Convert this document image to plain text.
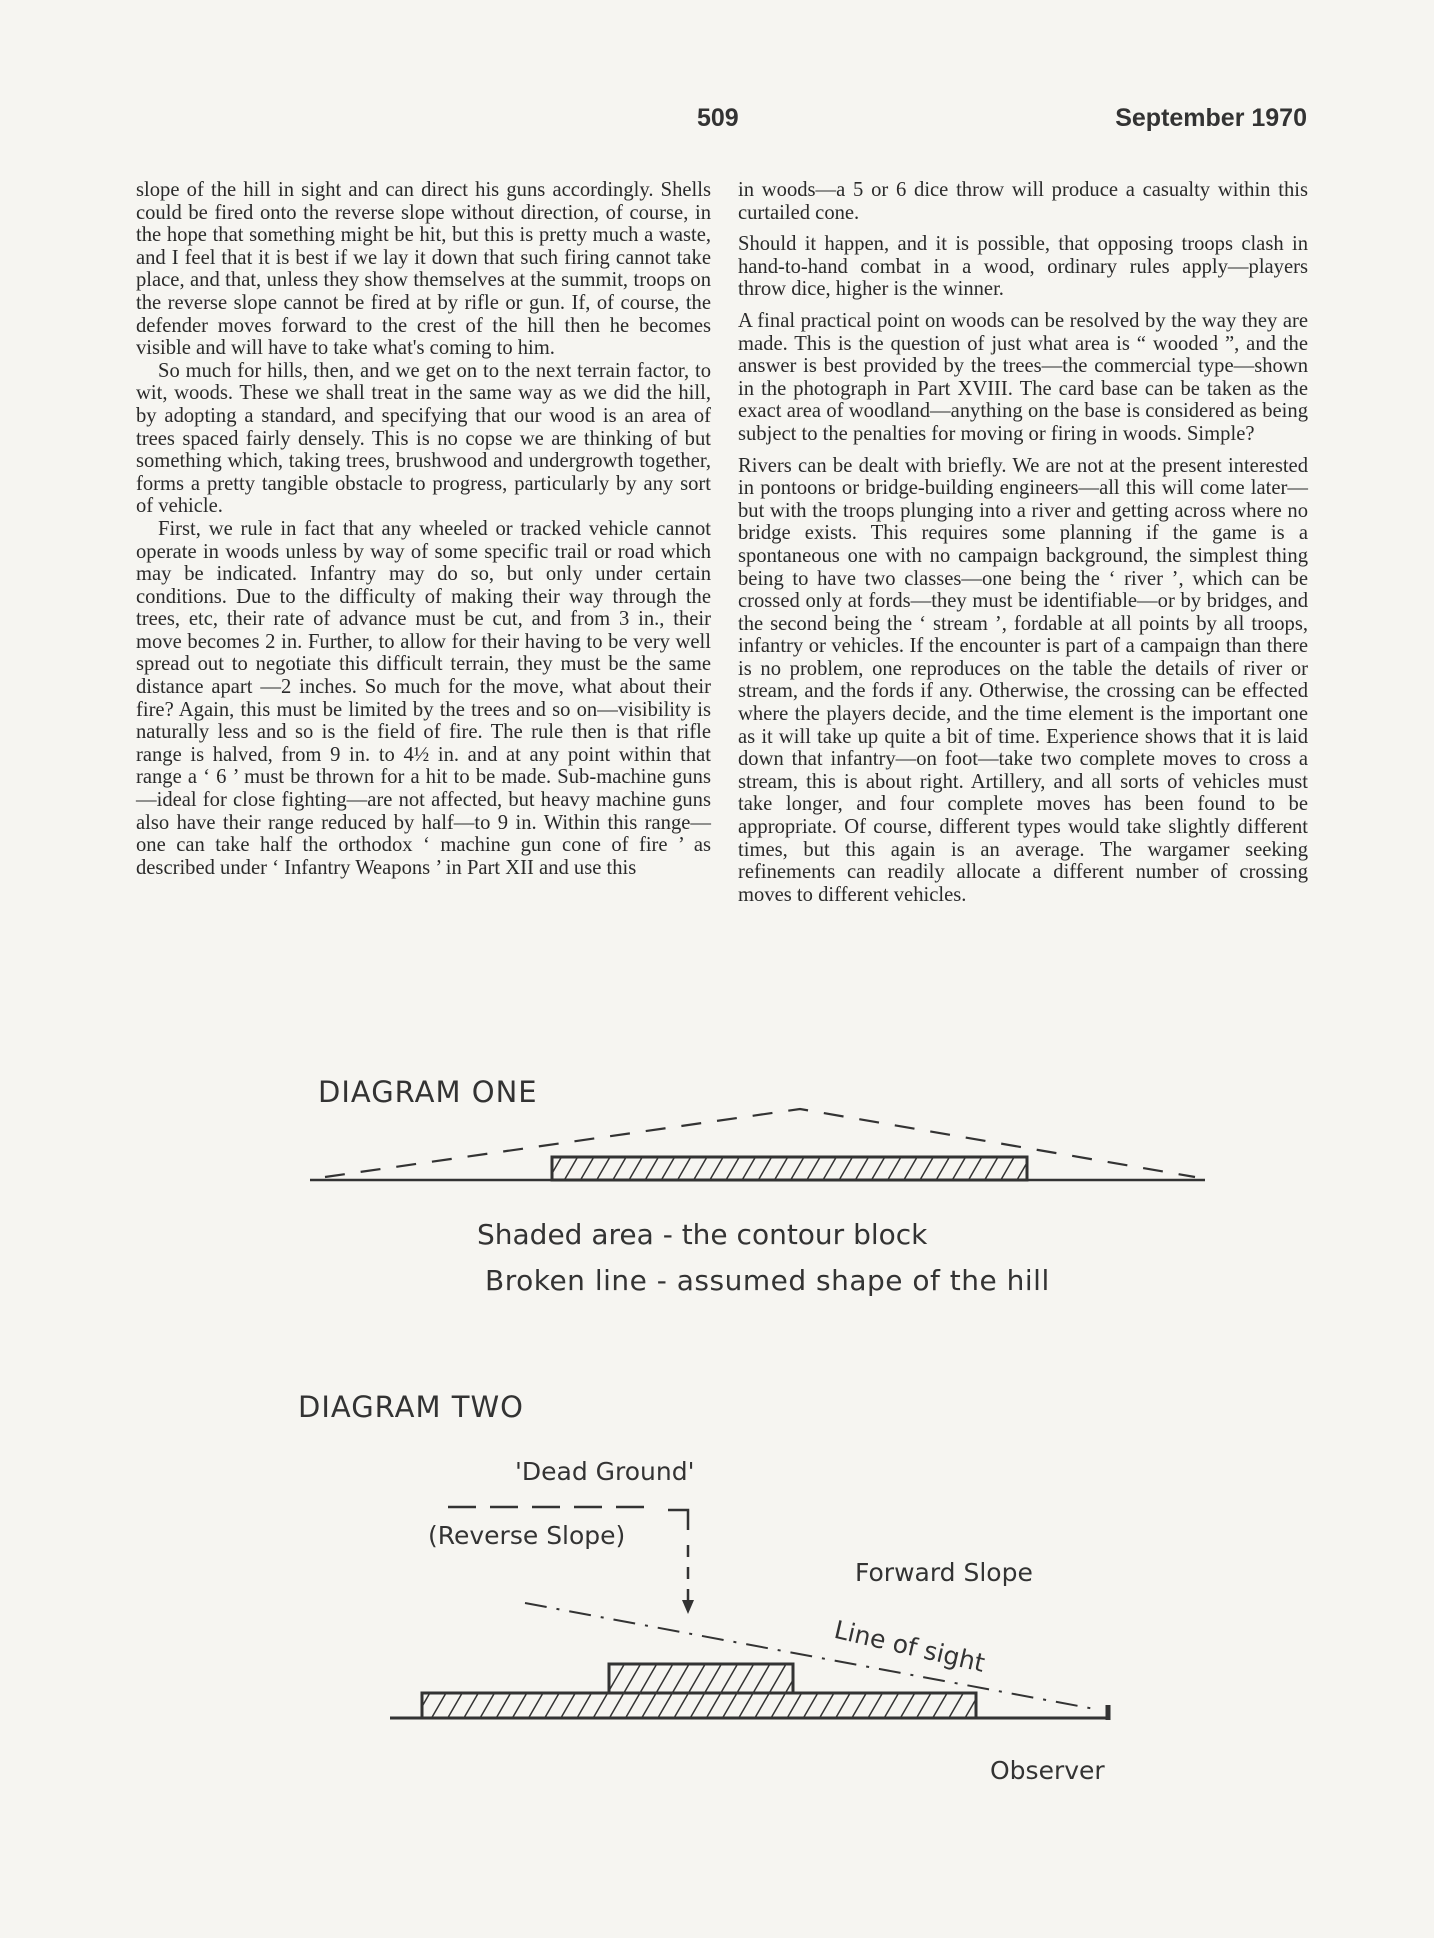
509	September 1970

slope of the hill in sight and can direct his guns accordingly. Shells could be fired onto the reverse slope without direction, of course, in the hope that something might be hit, but this is pretty much a waste, and I feel that it is best if we lay it down that such firing cannot take place, and that, unless they show themselves at the summit, troops on the reverse slope cannot be fired at by rifle or gun. If, of course, the defender moves forward to the crest of the hill then he becomes visible and will have to take what's coming to him.

So much for hills, then, and we get on to the next terrain factor, to wit, woods. These we shall treat in the same way as we did the hill, by adopting a standard, and specifying that our wood is an area of trees spaced fairly densely. This is no copse we are thinking of but something which, taking trees, brushwood and undergrowth together, forms a pretty tangible obstacle to progress, particularly by any sort of vehicle.

First, we rule in fact that any wheeled or tracked vehicle cannot operate in woods unless by way of some specific trail or road which may be indicated. Infantry may do so, but only under certain conditions. Due to the difficulty of making their way through the trees, etc, their rate of advance must be cut, and from 3 in., their move becomes 2 in. Further, to allow for their having to be very well spread out to negotiate this difficult terrain, they must be the same distance apart —2 inches. So much for the move, what about their fire? Again, this must be limited by the trees and so on—visibility is naturally less and so is the field of fire. The rule then is that rifle range is halved, from 9 in. to 4½ in. and at any point within that range a ‘ 6 ’ must be thrown for a hit to be made. Sub-machine guns—ideal for close fighting—are not affected, but heavy machine guns also have their range reduced by half—to 9 in. Within this range—one can take half the orthodox ‘ machine gun cone of fire ’ as described under ‘ Infantry Weapons ’ in Part XII and use this

in woods—a 5 or 6 dice throw will produce a casualty within this curtailed cone.

Should it happen, and it is possible, that opposing troops clash in hand-to-hand combat in a wood, ordinary rules apply—players throw dice, higher is the winner.

A final practical point on woods can be resolved by the way they are made. This is the question of just what area is “ wooded ”, and the answer is best provided by the trees—the commercial type—shown in the photograph in Part XVIII. The card base can be taken as the exact area of woodland—anything on the base is considered as being subject to the penalties for moving or firing in woods. Simple?

Rivers can be dealt with briefly. We are not at the present interested in pontoons or bridge-building engineers—all this will come later—but with the troops plunging into a river and getting across where no bridge exists. This requires some planning if the game is a spontaneous one with no campaign background, the simplest thing being to have two classes—one being the ‘ river ’, which can be crossed only at fords—they must be identifiable—or by bridges, and the second being the ‘ stream ’, fordable at all points by all troops, infantry or vehicles. If the encounter is part of a campaign than there is no problem, one reproduces on the table the details of river or stream, and the fords if any. Otherwise, the crossing can be effected where the players decide, and the time element is the important one as it will take up quite a bit of time. Experience shows that it is laid down that infantry—on foot—take two complete moves to cross a stream, this is about right. Artillery, and all sorts of vehicles must take longer, and four complete moves has been found to be appropriate. Of course, different types would take slightly different times, but this again is an average. The wargamer seeking refinements can readily allocate a different number of crossing moves to different vehicles.

DIAGRAM ONE
Shaded area - the contour block
Broken line - assumed shape of the hill
DIAGRAM TWO
'Dead Ground'
(Reverse Slope)
Forward Slope
Line of sight
Observer
